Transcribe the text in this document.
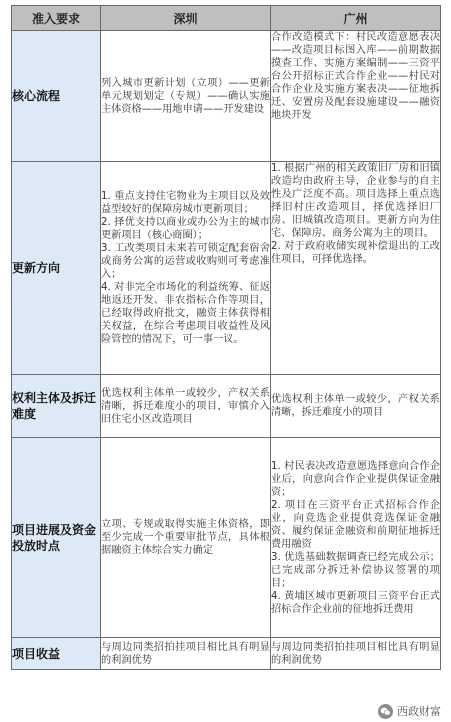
准入要求	深圳	广州
核心流程	列入城市更新计划（立项）——更新单元规划划定（专规）——确认实施主体资格——用地申请——开发建设	合作改造模式下：村民改造意愿表决——改造项目标图入库——前期数据摸查工作、实施方案编制——三资平台公开招标正式合作企业——村民对合作企业及实施方案表决——征地拆迁、安置房及配套设施建设——融资地块开发

更新方向	1. 重点支持住宅物业为主项目以及效益型较好的保障房城市更新项目；
2. 择优支持以商业或办公为主的城市更新项目（核心商圈）；
3. 工改类项目未来若可锁定配套宿舍或商务公寓的运营或收购则可考虑准入；
4. 对非完全市场化的利益统筹、征返地返还开发、非农指标合作等项目，已经取得政府批文，融资主体获得相关权益，在综合考虑项目收益性及风险管控的情况下，可一事一议。	1. 根据广州的相关政策旧厂房和旧镇改造均由政府主导，企业参与的自主性及广泛度不高。项目选择上重点选择旧村庄改造项目，择优选择旧厂房、旧城镇改造项目。更新方向为住宅、保障房、商务公寓为主的项目。
2. 对于政府收储实现补偿退出的工改住项目，可择优选择。

权利主体及拆迁难度	优选权利主体单一或较少，产权关系清晰，拆迁难度小的项目，审慎介入旧住宅小区改造项目	优选权利主体单一或较少，产权关系清晰，拆迁难度小的项目

项目进展及资金投放时点	立项、专规或取得实施主体资格，即至少完成一个重要审批节点，具体根据融资主体综合实力确定	1. 村民表决改造意愿选择意向合作企业后，向意向合作企业提供保证金融资；
2. 项目在三资平台正式招标合作企业，向竞选企业提供竞选保证金融资、履约保证金融资和前期征地拆迁费用融资
3. 优选基础数据调查已经完成公示；已完成部分拆迁补偿协议签署的项目；
4. 黄埔区城市更新项目三资平台正式招标合作企业前的征地拆迁费用

项目收益	与周边同类招拍挂项目相比具有明显的利润优势	与周边同类招拍挂项目相比具有明显的利润优势
西政财富
